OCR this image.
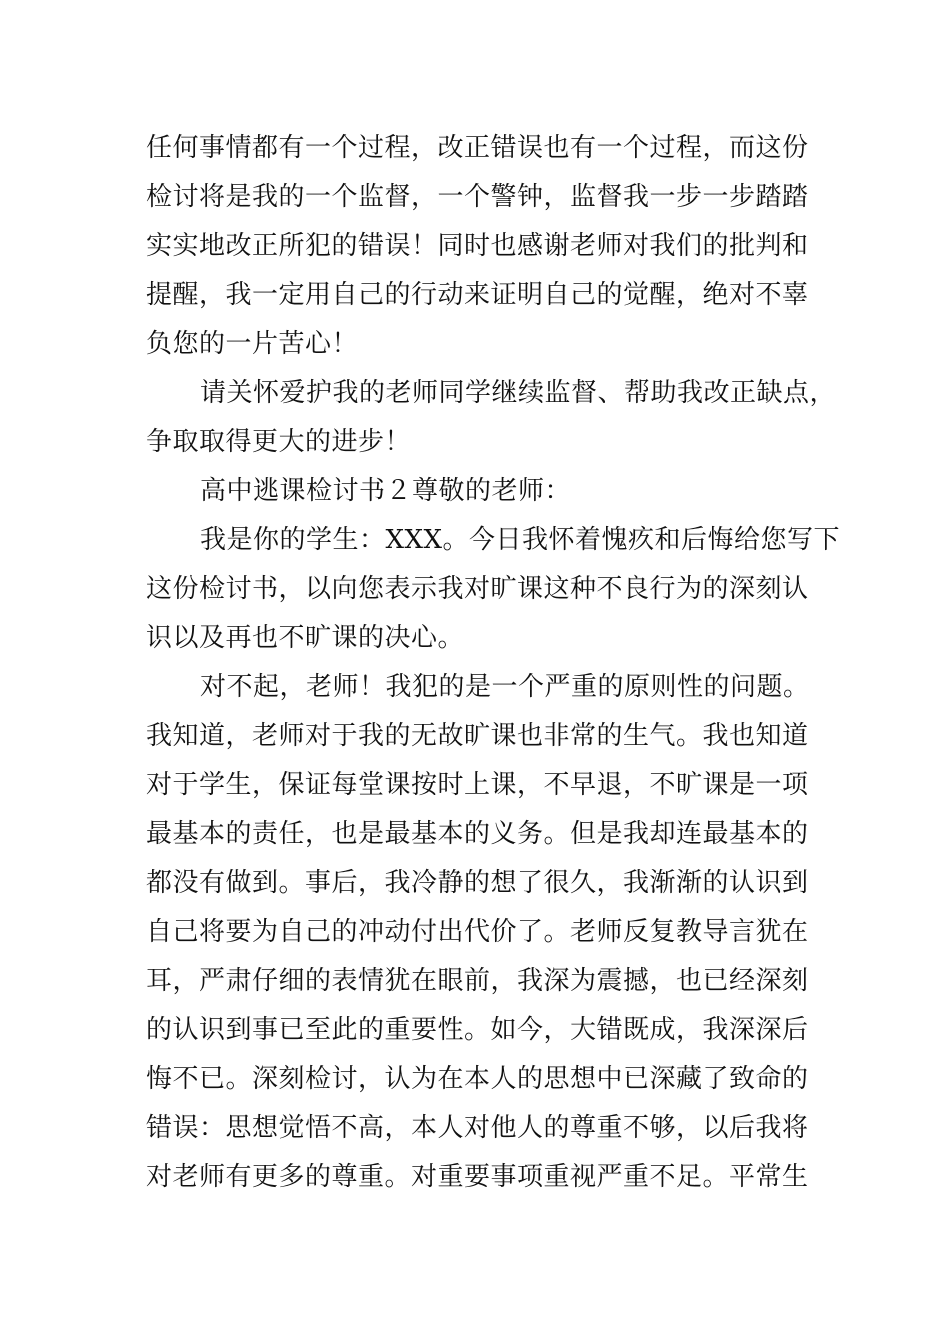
任何事情都有一个过程，改正错误也有一个过程，而这份
检讨将是我的一个监督，一个警钟，监督我一步一步踏踏
实实地改正所犯的错误！同时也感谢老师对我们的批判和
提醒，我一定用自己的行动来证明自己的觉醒，绝对不辜
负您的一片苦心！
请关怀爱护我的老师同学继续监督、帮助我改正缺点，
争取取得更大的进步！
高中逃课检讨书２尊敬的老师：
我是你的学生：XXX。今日我怀着愧疚和后悔给您写下
这份检讨书，以向您表示我对旷课这种不良行为的深刻认
识以及再也不旷课的决心。
对不起，老师！我犯的是一个严重的原则性的问题。
我知道，老师对于我的无故旷课也非常的生气。我也知道
对于学生，保证每堂课按时上课，不早退，不旷课是一项
最基本的责任，也是最基本的义务。但是我却连最基本的
都没有做到。事后，我冷静的想了很久，我渐渐的认识到
自己将要为自己的冲动付出代价了。老师反复教导言犹在
耳，严肃仔细的表情犹在眼前，我深为震撼，也已经深刻
的认识到事已至此的重要性。如今，大错既成，我深深后
悔不已。深刻检讨，认为在本人的思想中已深藏了致命的
错误：思想觉悟不高，本人对他人的尊重不够，以后我将
对老师有更多的尊重。对重要事项重视严重不足。平常生
